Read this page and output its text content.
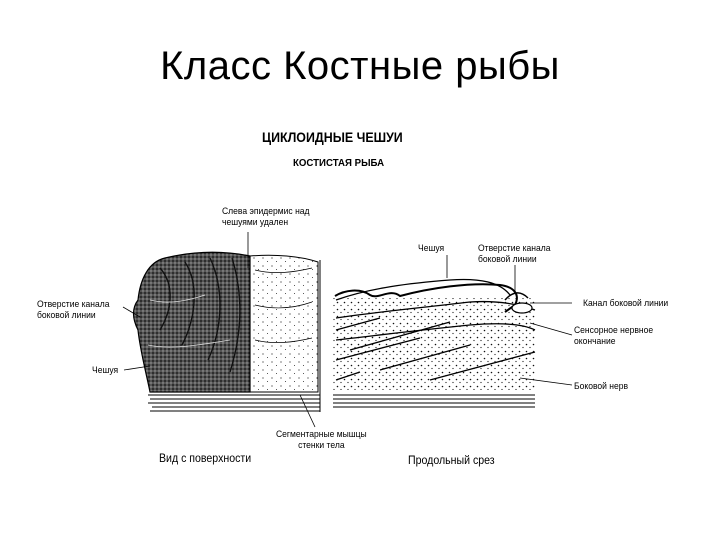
Класс Костные рыбы
ЦИКЛОИДНЫЕ ЧЕШУИ
КОСТИСТАЯ РЫБА
Слева эпидермис над
чешуями удален
Отверстие канала
боковой линии
Чешуя
Сегментарные мышцы
стенки тела
Чешуя	Отверстие канала
боковой линии
Канал боковой линии
Сенсорное нервное
окончание
Боковой нерв
Вид с поверхности	Продольный срез
